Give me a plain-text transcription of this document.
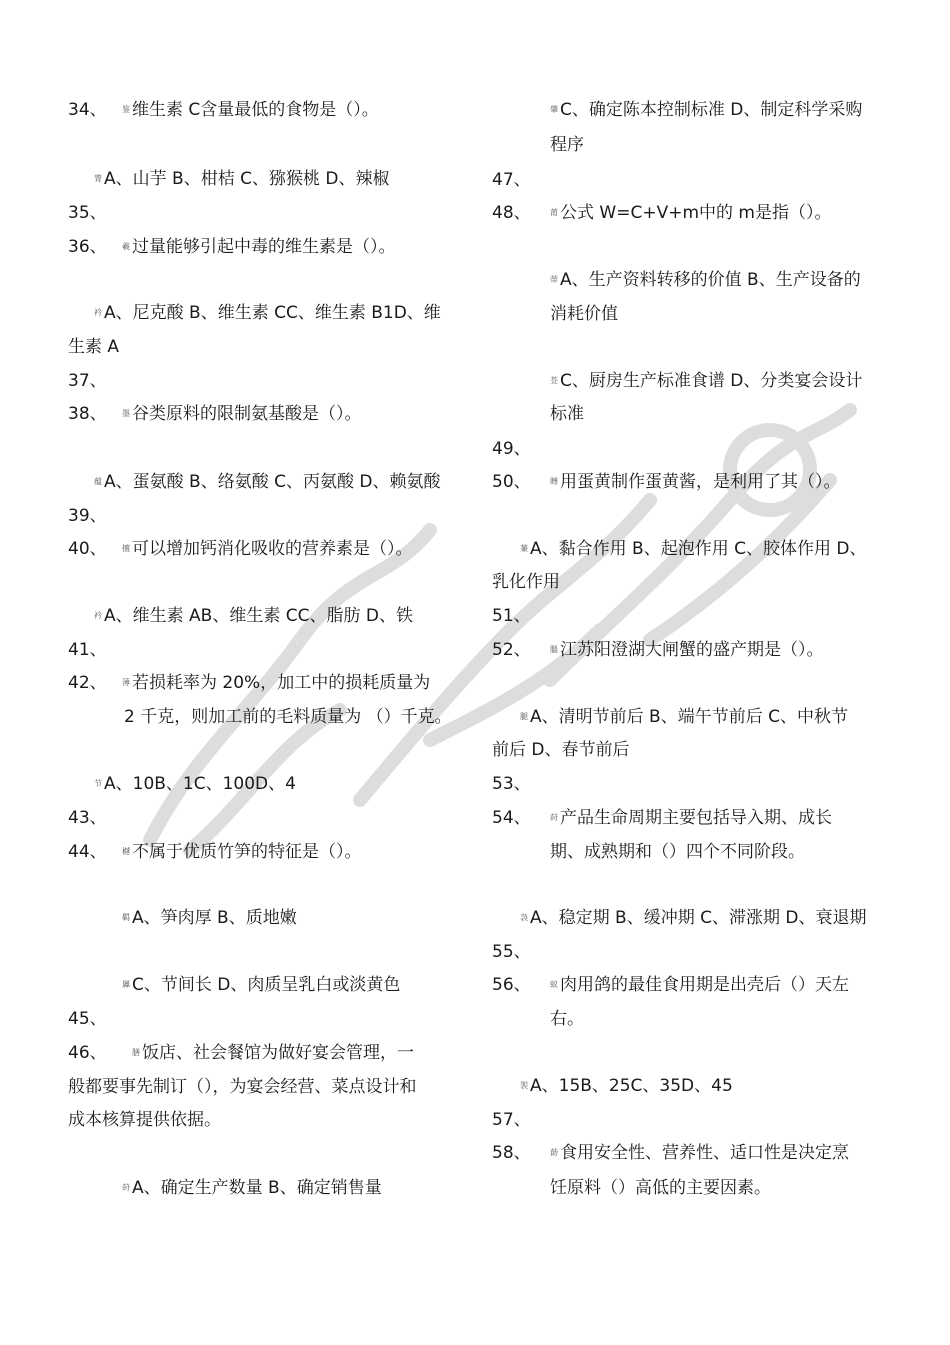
34、 鉴 维生素 C含量最低的食物是（）。
膂 A、山芋 B、柑桔 C、猕猴桃 D、辣椒
35、
36、 羲 过量能够引起中毒的维生素是（）。
衿 A、尼克酸 B、维生素 CC、维生素 B1D、维
生素 A
37、
38、 墨 谷类原料的限制氨基酸是（）。
蕴 A、蛋氨酸 B、络氨酸 C、丙氨酸 D、赖氨酸
39、
40、 擅 可以增加钙消化吸收的营养素是（）。
衿 A、维生素 AB、维生素 CC、脂肪 D、铁
41、
42、 薄 若损耗率为 20%，加工中的损耗质量为
2 千克，则加工前的毛料质量为 （）千克。
节 A、10B、1C、100D、4
43、
44、 樾 不属于优质竹笋的特征是（）。
羁 A、笋肉厚 B、质地嫩
羼 C、节间长 D、肉质呈乳白或淡黄色
45、
46、	膳 饭店、社会餐馆为做好宴会管理，一
般都要事先制订（），为宴会经营、菜点设计和
成本核算提供依据。
莳 A、确定生产数量 B、确定销售量
肇 C、确定陈本控制标准 D、制定科学采购
程序
47、
48、 莆 公式 W=C+V+m中的 m是指（）。
蒂 A、生产资料转移的价值 B、生产设备的
消耗价值
莶 C、厨房生产标准食谱 D、分类宴会设计
标准
49、
50、 賻 用蛋黄制作蛋黄酱，是利用了其（）。
蒹 A、黏合作用 B、起泡作用 C、胶体作用 D、
乳化作用
51、
52、 膃 江苏阳澄湖大闸蟹的盛产期是（）。
腿 A、清明节前后 B、端午节前后 C、中秋节
前后 D、春节前后
53、
54、 莳 产品生命周期主要包括导入期、成长
期、成熟期和（）四个不同阶段。
袅 A、稳定期 B、缓冲期 C、滞涨期 D、衰退期
55、
56、 蚁 肉用鸽的最佳食用期是出壳后（）天左
右。
袈 A、15B、25C、35D、45
57、
58、 莇 食用安全性、营养性、适口性是决定烹
饪原料（）高低的主要因素。
